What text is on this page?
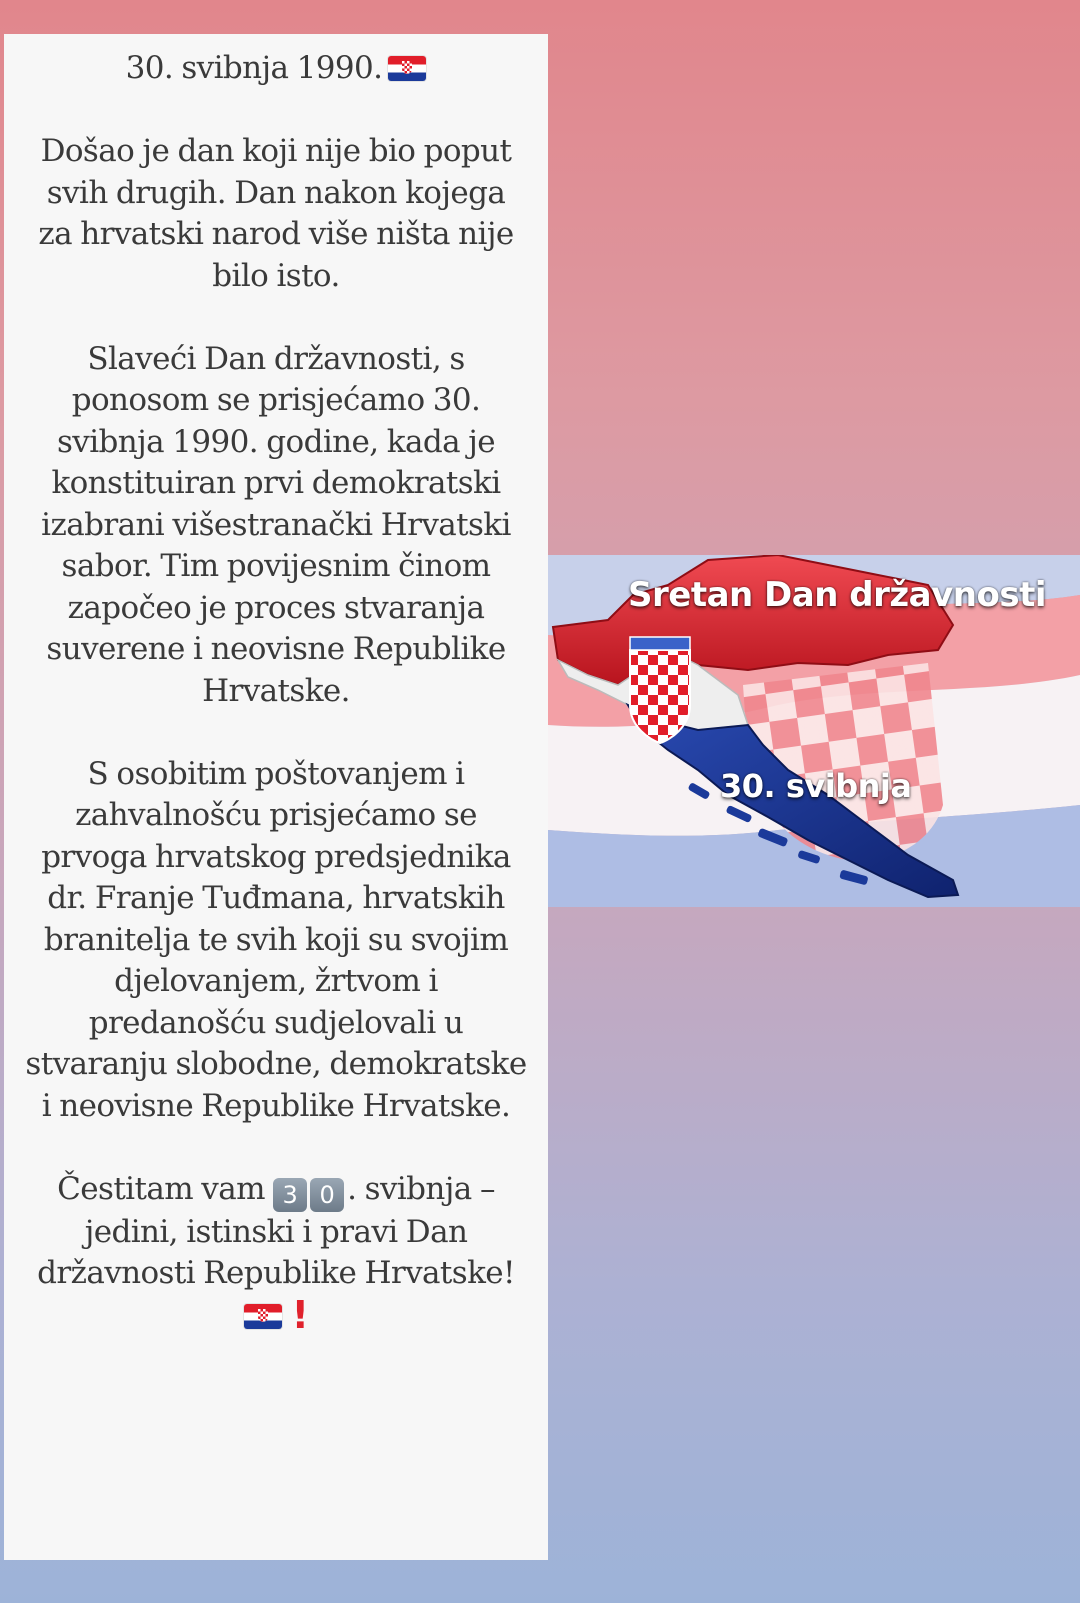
30. svibnja 1990.
Došao je dan koji nije bio poput
svih drugih. Dan nakon kojega
za hrvatski narod više ništa nije
bilo isto.
Slaveći Dan državnosti, s
ponosom se prisjećamo 30.
svibnja 1990. godine, kada je
konstituiran prvi demokratski
izabrani višestranački Hrvatski
sabor. Tim povijesnim činom
započeo je proces stvaranja
suverene i neovisne Republike
Hrvatske.
S osobitim poštovanjem i
zahvalnošću prisjećamo se
prvoga hrvatskog predsjednika
dr. Franje Tuđmana, hrvatskih
branitelja te svih koji su svojim
djelovanjem, žrtvom i
predanošću sudjelovali u
stvaranju slobodne, demokratske
i neovisne Republike Hrvatske.
Čestitam vam 3 0 . svibnja –
jedini, istinski i pravi Dan
državnosti Republike Hrvatske!
!
Sretan Dan državnosti
30. svibnja
